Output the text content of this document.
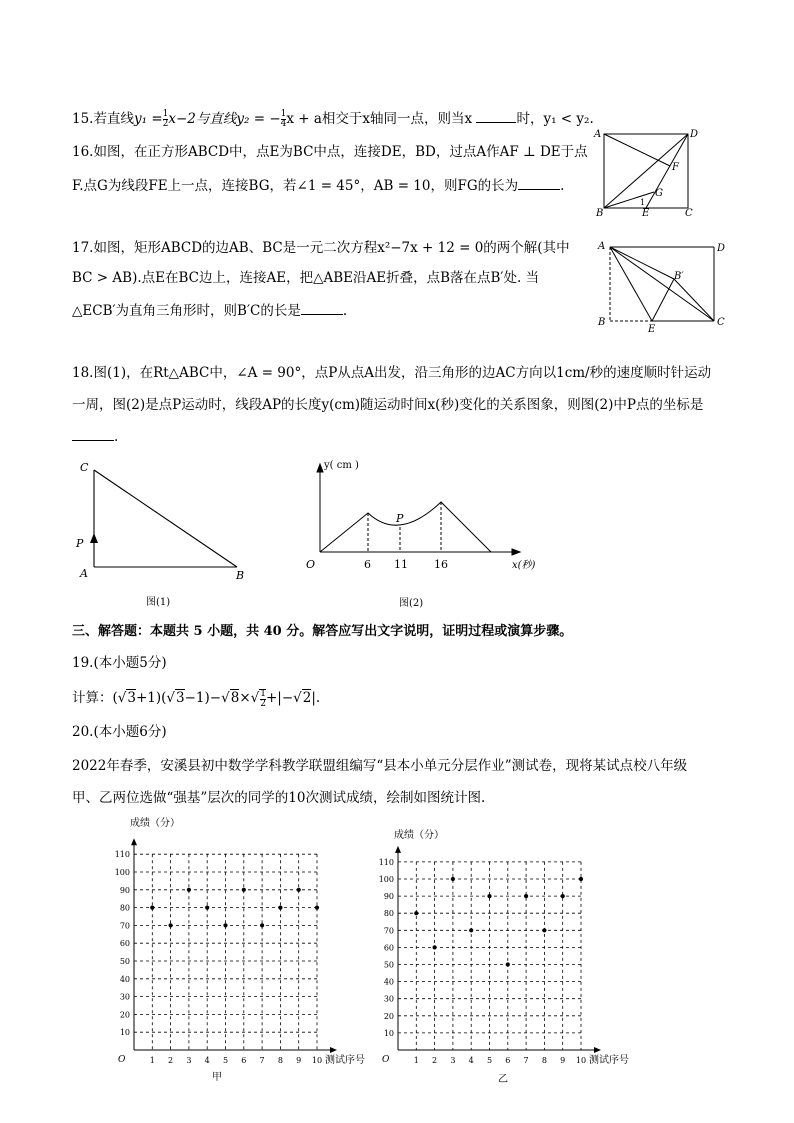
15.若直线$y_1 = \frac{1}{2} x-2$与直线y₂ = − $\frac{1}{4}$ x + a相交于x轴同一点，则当x	时，y₁ < y₂.
16.如图，在正方形ABCD中，点E为BC中点，连接DE，BD，过点A作AF ⊥ DE于点
F.点G为线段FE上一点，连接BG，若∠1 = 45°，AB = 10，则FG的长为	.
A	D
B	C
E
F
G
1
17.如图，矩形ABCD的边AB、BC是一元二次方程x²−7x + 12 = 0的两个解(其中
BC > AB).点E在BC边上，连接AE，把△ABE沿AE折叠，点B落在点B′处. 当
△ECB′为直角三角形时，则B′C的长是	.
A	D
B	C
E
B′
18.图(1)，在Rt△ABC中，∠A = 90°，点P从点A出发，沿三角形的边AC方向以1cm/秒的速度顺时针运动
一周，图(2)是点P运动时，线段AP的长度y(cm)随运动时间x(秒)变化的关系图象，则图(2)中P点的坐标是
.
C
A	B
P
图(1)
y( cm )
x(秒)
O
P
6 11 16
图(2)
三、解答题：本题共 5 小题，共 40 分。解答应写出文字说明，证明过程或演算步骤。
19.(本小题5分)
计算：$(√3+1)(√3-1)-√8\times√ \frac{1}{2} +|-√2|$.
20.(本小题6分)
2022年春季，安溪县初中数学学科教学联盟组编写“县本小单元分层作业”测试卷，现将某试点校八年级
甲、乙两位选做“强基”层次的同学的10次测试成绩，绘制如图统计图.
10
20
30
40
50
60
70
80
90
100
110
1 2 3 4 5 6 7 8 9 10
O
成绩（分）
测试序号
甲
10
20
30
40
50
60
70
80
90
100
110
1 2 3 4 5 6 7 8 9 10
O
成绩（分）
测试序号
乙
